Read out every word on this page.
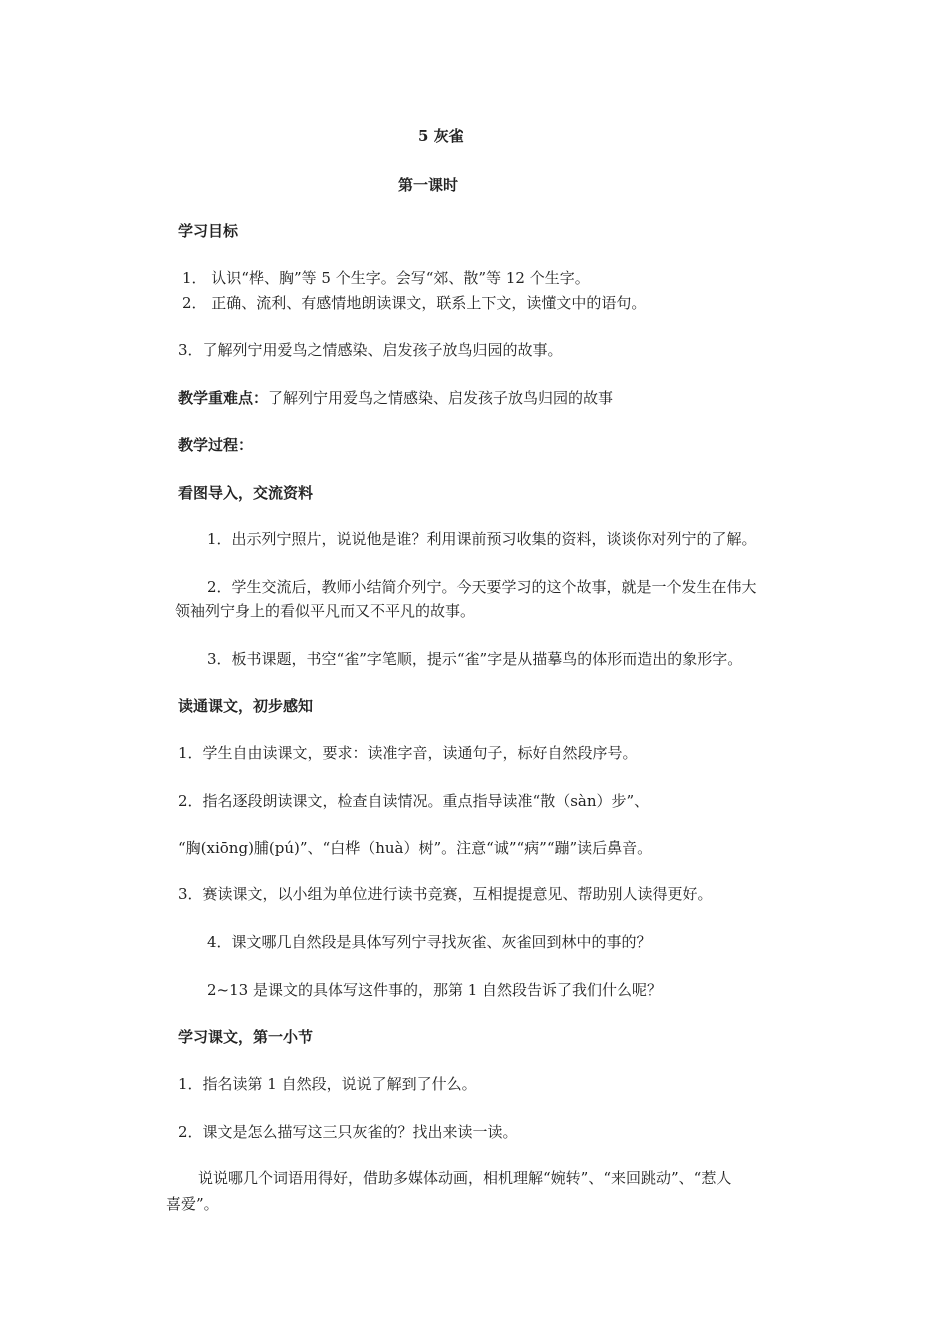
5 灰雀
第一课时
学习目标
1． 认识“桦、胸”等 5 个生字。会写“郊、散”等 12 个生字。
2． 正确、流利、有感情地朗读课文，联系上下文，读懂文中的语句。
3．了解列宁用爱鸟之情感染、启发孩子放鸟归园的故事。
教学重难点：了解列宁用爱鸟之情感染、启发孩子放鸟归园的故事
教学过程：
看图导入，交流资料
1．出示列宁照片，说说他是谁？利用课前预习收集的资料，谈谈你对列宁的了解。
2．学生交流后，教师小结简介列宁。今天要学习的这个故事，就是一个发生在伟大
领袖列宁身上的看似平凡而又不平凡的故事。
3．板书课题，书空“雀”字笔顺，提示“雀”字是从描摹鸟的体形而造出的象形字。
读通课文，初步感知
1．学生自由读课文，要求：读准字音，读通句子，标好自然段序号。
2．指名逐段朗读课文，检查自读情况。重点指导读准“散（sàn）步”、
“胸(xiōng)脯(pú)”、“白桦（huà）树”。注意“诚”“病”“蹦”读后鼻音。
3．赛读课文，以小组为单位进行读书竞赛，互相提提意见、帮助别人读得更好。
4．课文哪几自然段是具体写列宁寻找灰雀、灰雀回到林中的事的？
2~13 是课文的具体写这件事的，那第 1 自然段告诉了我们什么呢？
学习课文，第一小节
1．指名读第 1 自然段，说说了解到了什么。
2．课文是怎么描写这三只灰雀的？找出来读一读。
说说哪几个词语用得好，借助多媒体动画，相机理解“婉转”、“来回跳动”、“惹人
喜爱”。
